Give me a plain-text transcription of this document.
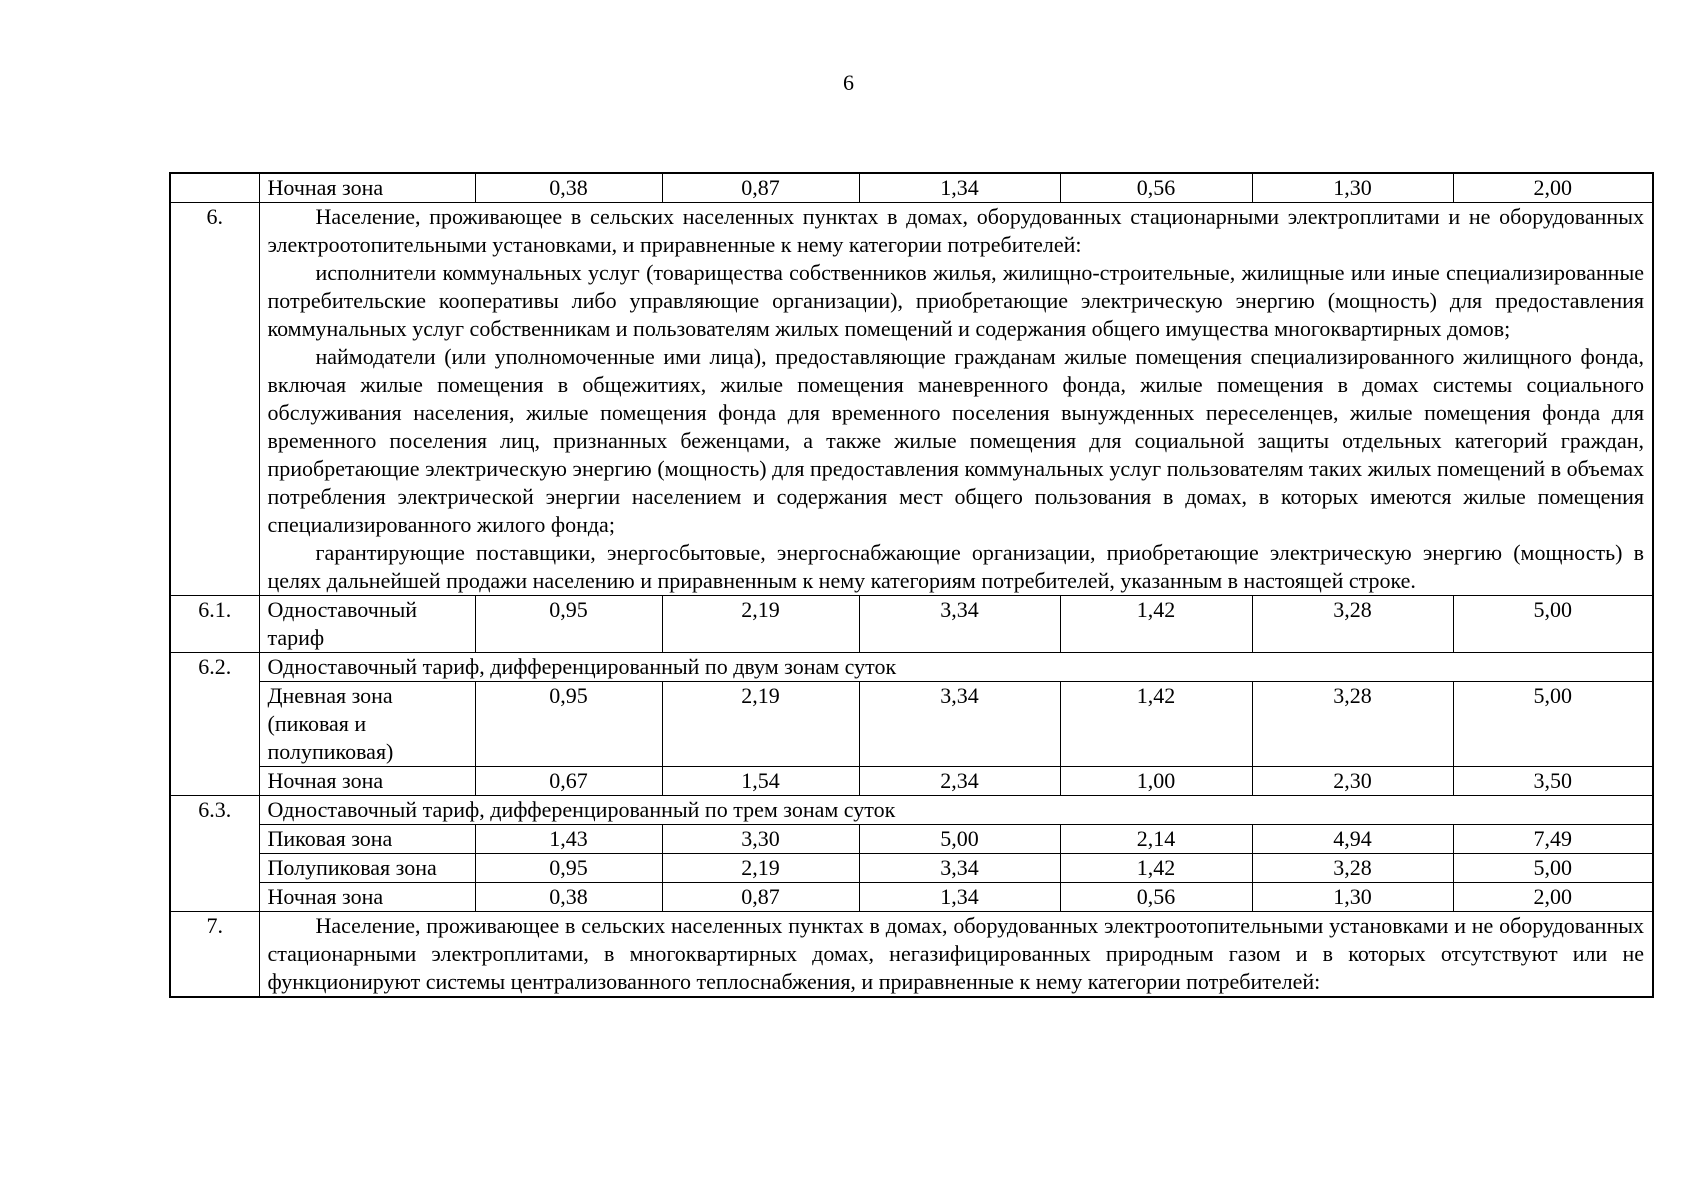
6
	Ночная зона	0,38	0,87	1,34	0,56	1,30	2,00
6.	Население, проживающее в сельских населенных пунктах в домах, оборудованных стационарными электроплитами и не оборудованных электроотопительными установками, и приравненные к нему категории потребителей:

исполнители коммунальных услуг (товарищества собственников жилья, жилищно-строительные, жилищные или иные специализированные потребительские кооперативы либо управляющие организации), приобретающие электрическую энергию (мощность) для предоставления коммунальных услуг собственникам и пользователям жилых помещений и содержания общего имущества многоквартирных домов;

наймодатели (или уполномоченные ими лица), предоставляющие гражданам жилые помещения специализированного жилищного фонда, включая жилые помещения в общежитиях, жилые помещения маневренного фонда, жилые помещения в домах системы социального обслуживания населения, жилые помещения фонда для временного поселения вынужденных переселенцев, жилые помещения фонда для временного поселения лиц, признанных беженцами, а также жилые помещения для социальной защиты отдельных категорий граждан, приобретающие электрическую энергию (мощность) для предоставления коммунальных услуг пользователям таких жилых помещений в объемах потребления электрической энергии населением и содержания мест общего пользования в домах, в которых имеются жилые помещения специализированного жилого фонда;

гарантирующие поставщики, энергосбытовые, энергоснабжающие организации, приобретающие электрическую энергию (мощность) в целях дальнейшей продажи населению и приравненным к нему категориям потребителей, указанным в настоящей строке.						

6.1.	Одноставочный тариф	0,95	2,19	3,34	1,42	3,28	5,00
6.2.	Одноставочный тариф, дифференцированный по двум зонам суток						
	Дневная зона (пиковая и полупиковая)	0,95	2,19	3,34	1,42	3,28	5,00
	Ночная зона	0,67	1,54	2,34	1,00	2,30	3,50
6.3.	Одноставочный тариф, дифференцированный по трем зонам суток						
	Пиковая зона	1,43	3,30	5,00	2,14	4,94	7,49
	Полупиковая зона	0,95	2,19	3,34	1,42	3,28	5,00
	Ночная зона	0,38	0,87	1,34	0,56	1,30	2,00
7.	Население, проживающее в сельских населенных пунктах в домах, оборудованных электроотопительными установками и не оборудованных стационарными электроплитами, в многоквартирных домах, негазифицированных природным газом и в которых отсутствуют или не функционируют системы централизованного теплоснабжения, и приравненные к нему категории потребителей:						
